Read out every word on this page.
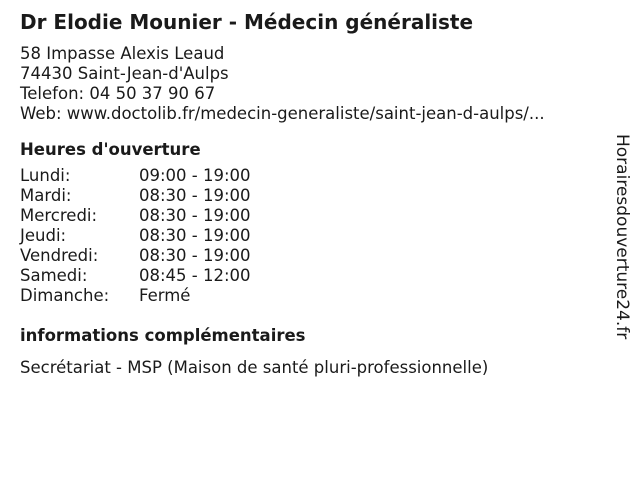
Dr Elodie Mounier - Médecin généraliste
58 Impasse Alexis Leaud
74430 Saint-Jean-d'Aulps
Telefon: 04 50 37 90 67
Web: www.doctolib.fr/medecin-generaliste/saint-jean-d-aulps/...
Heures d'ouverture
Lundi:	09:00 - 19:00
Mardi:	08:30 - 19:00
Mercredi:	08:30 - 19:00
Jeudi:	08:30 - 19:00
Vendredi:	08:30 - 19:00
Samedi:	08:45 - 12:00
Dimanche:	Fermé
informations complémentaires
Secrétariat - MSP (Maison de santé pluri-professionnelle)
Horairesdouverture24.fr
